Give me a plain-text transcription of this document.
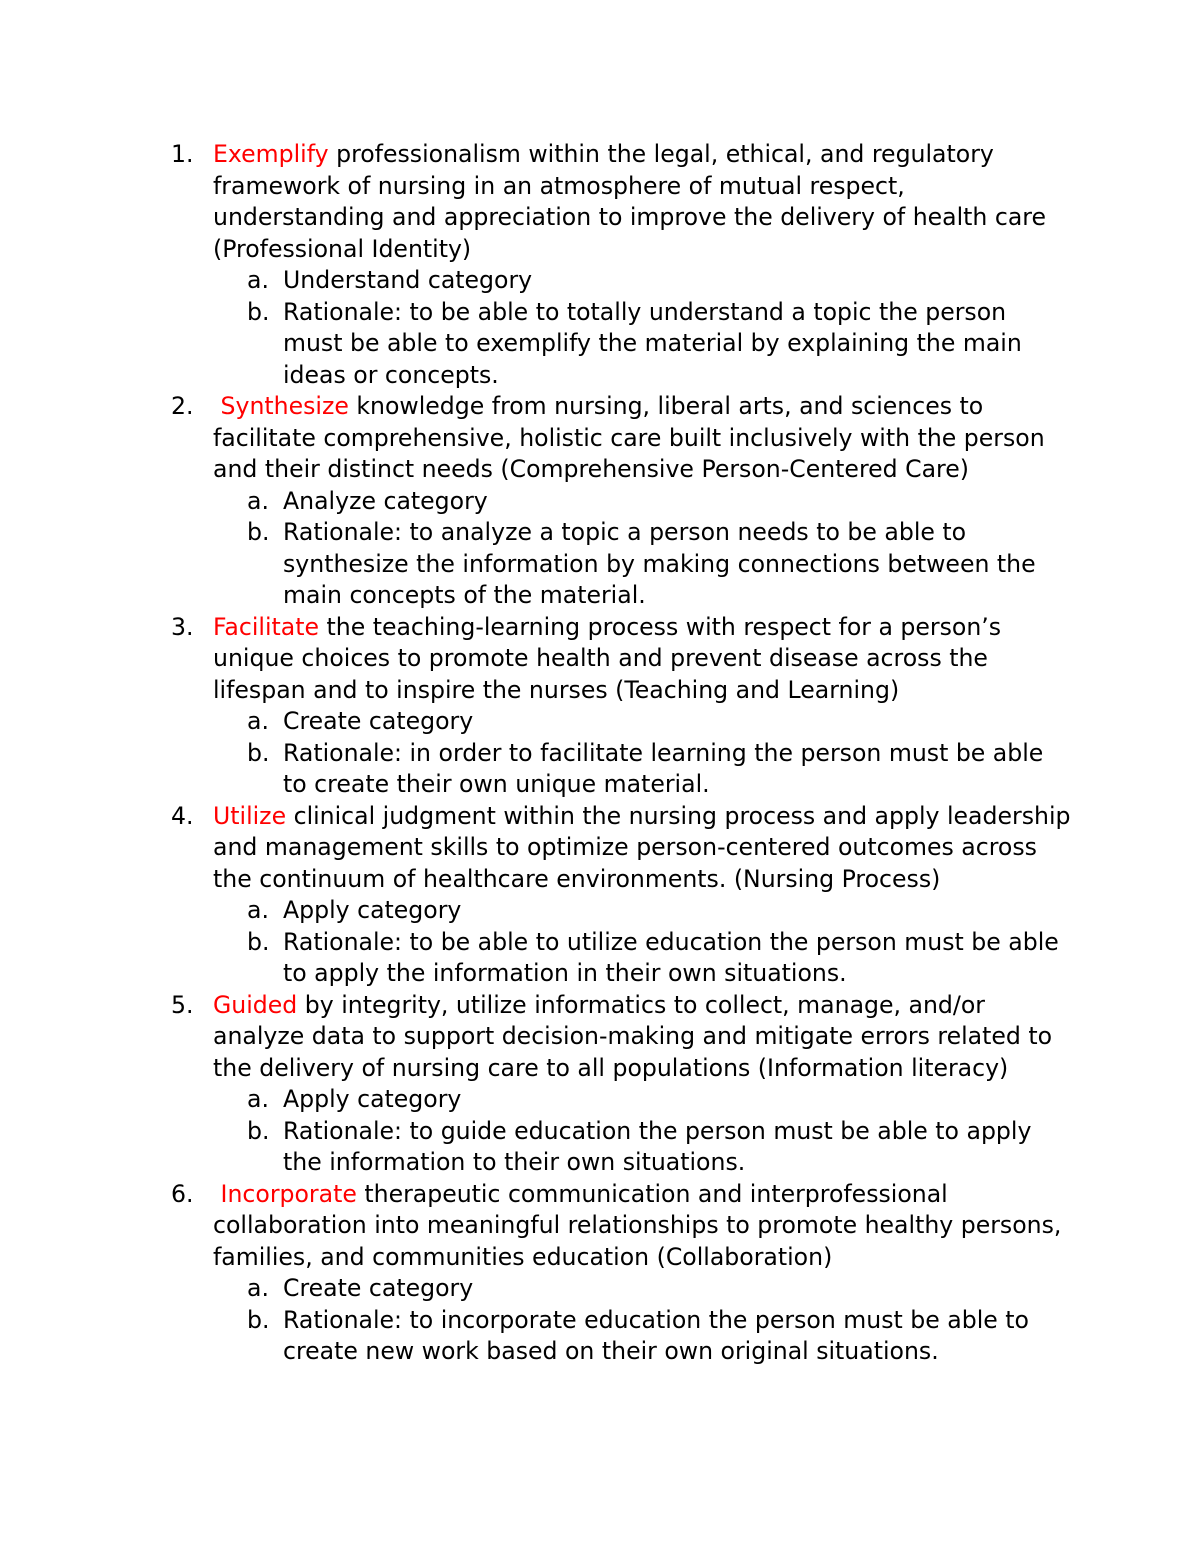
1. Exemplify professionalism within the legal, ethical, and regulatory framework of nursing in an atmosphere of mutual respect, understanding and appreciation to improve the delivery of health care (Professional Identity)
a. Understand category
b. Rationale: to be able to totally understand a topic the person must be able to exemplify the material by explaining the main ideas or concepts.
2.	Synthesize knowledge from nursing, liberal arts, and sciences to facilitate comprehensive, holistic care built inclusively with the person and their distinct needs (Comprehensive Person-Centered Care)
a. Analyze category
b. Rationale: to analyze a topic a person needs to be able to synthesize the information by making connections between the main concepts of the material.
3. Facilitate the teaching-learning process with respect for a person’s unique choices to promote health and prevent disease across the lifespan and to inspire the nurses (Teaching and Learning)
a. Create category
b. Rationale: in order to facilitate learning the person must be able to create their own unique material.
4. Utilize clinical judgment within the nursing process and apply leadership and management skills to optimize person-centered outcomes across the continuum of healthcare environments. (Nursing Process)
a. Apply category
b. Rationale: to be able to utilize education the person must be able to apply the information in their own situations.
5. Guided by integrity, utilize informatics to collect, manage, and/or analyze data to support decision-making and mitigate errors related to the delivery of nursing care to all populations (Information literacy)
a. Apply category
b. Rationale: to guide education the person must be able to apply the information to their own situations.
6.	Incorporate therapeutic communication and interprofessional collaboration into meaningful relationships to promote healthy persons, families, and communities education (Collaboration)
a. Create category
b. Rationale: to incorporate education the person must be able to create new work based on their own original situations.
